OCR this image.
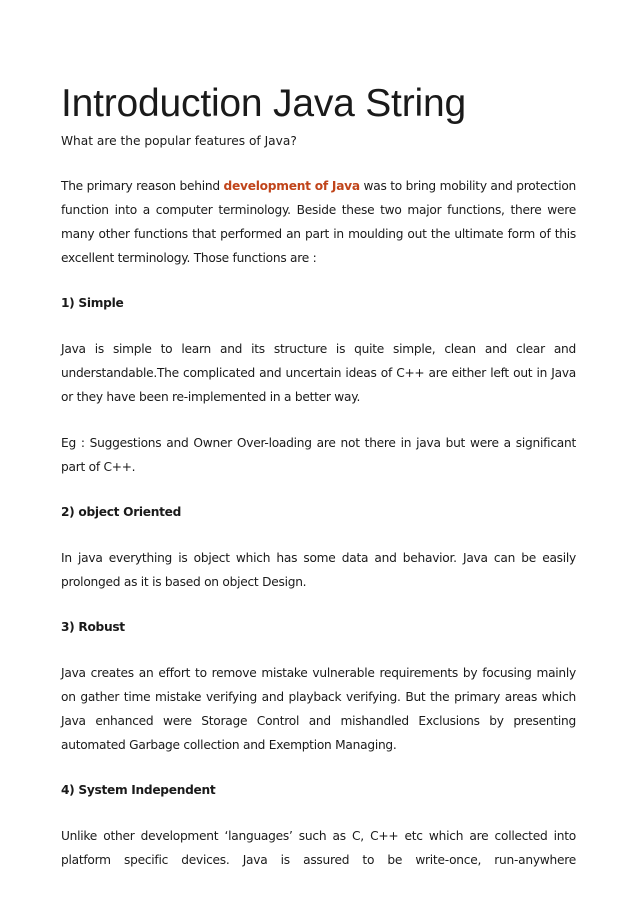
Introduction Java String

What are the popular features of Java?

The primary reason behind development of Java was to bring mobility and protection function into a computer terminology. Beside these two major functions, there were many other functions that performed an part in moulding out the ultimate form of this excellent terminology. Those functions are :

1) Simple

Java is simple to learn and its structure is quite simple, clean and clear and understandable.The complicated and uncertain ideas of C++ are either left out in Java or they have been re-implemented in a better way.

Eg : Suggestions and Owner Over-loading are not there in java but were a significant part of C++.

2) object Oriented

In java everything is object which has some data and behavior. Java can be easily prolonged as it is based on object Design.

3) Robust

Java creates an effort to remove mistake vulnerable requirements by focusing mainly on gather time mistake verifying and playback verifying. But the primary areas which Java enhanced were Storage Control and mishandled Exclusions by presenting automated Garbage collection and Exemption Managing.

4) System Independent

Unlike other development ‘languages’ such as C, C++ etc which are collected into platform specific devices. Java is assured to be write-once, run-anywhere
